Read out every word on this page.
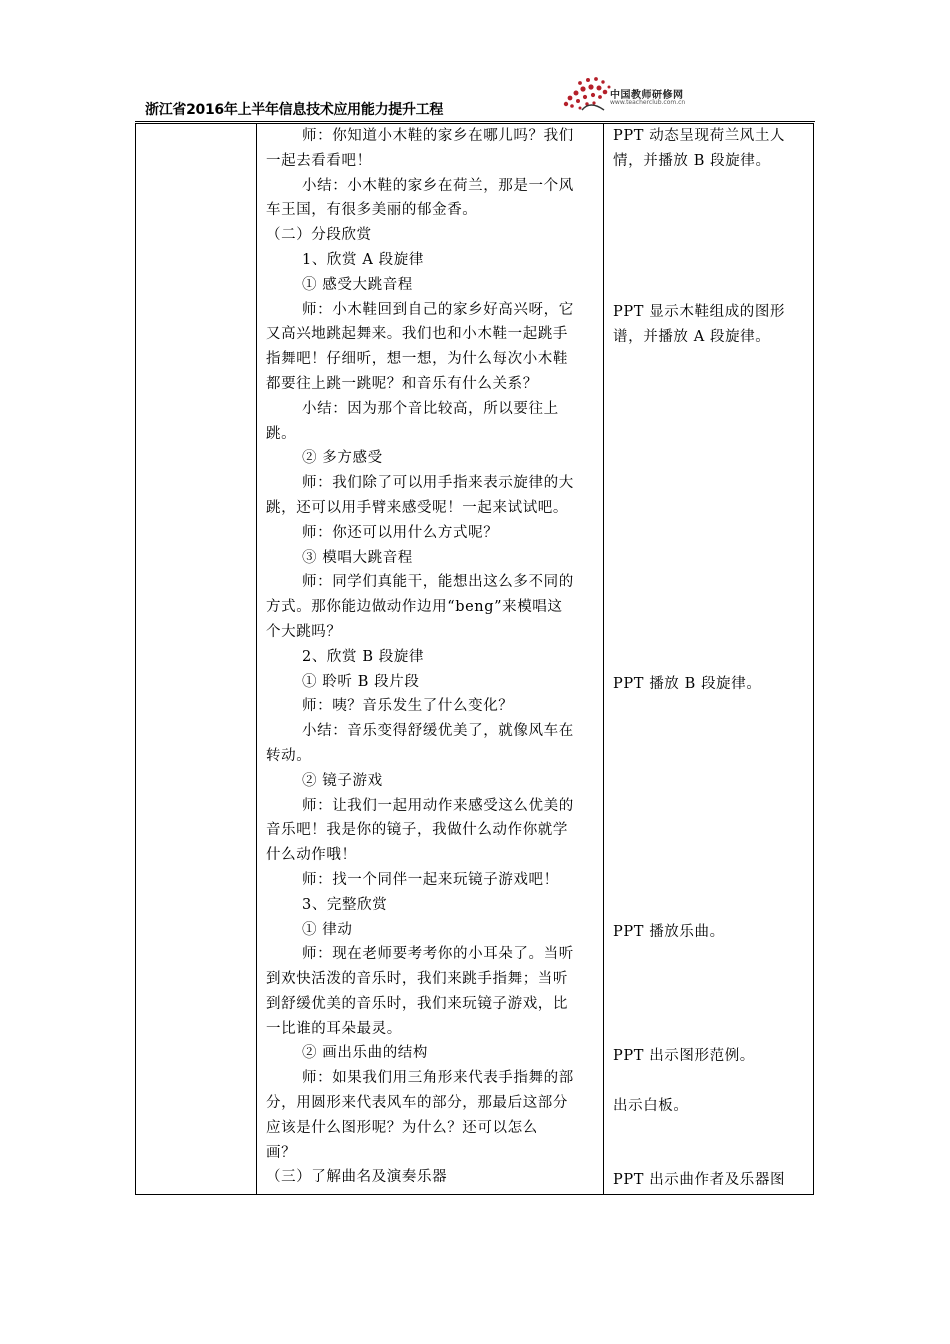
浙江省2016年上半年信息技术应用能力提升工程
中国教师研修网
www.teacherclub.com.cn
师：你知道小木鞋的家乡在哪儿吗？我们
一起去看看吧！
小结：小木鞋的家乡在荷兰，那是一个风
车王国，有很多美丽的郁金香。
（二）分段欣赏
1、欣赏 A 段旋律
① 感受大跳音程
师：小木鞋回到自己的家乡好高兴呀，它
又高兴地跳起舞来。我们也和小木鞋一起跳手
指舞吧！仔细听，想一想，为什么每次小木鞋
都要往上跳一跳呢？和音乐有什么关系？
小结：因为那个音比较高，所以要往上
跳。
② 多方感受
师：我们除了可以用手指来表示旋律的大
跳，还可以用手臂来感受呢！一起来试试吧。
师：你还可以用什么方式呢？
③ 模唱大跳音程
师：同学们真能干，能想出这么多不同的
方式。那你能边做动作边用“beng”来模唱这
个大跳吗？
2、欣赏 B 段旋律
① 聆听 B 段片段
师：咦？音乐发生了什么变化？
小结：音乐变得舒缓优美了，就像风车在
转动。
② 镜子游戏
师：让我们一起用动作来感受这么优美的
音乐吧！我是你的镜子，我做什么动作你就学
什么动作哦！
师：找一个同伴一起来玩镜子游戏吧！
3、完整欣赏
① 律动
师：现在老师要考考你的小耳朵了。当听
到欢快活泼的音乐时，我们来跳手指舞；当听
到舒缓优美的音乐时，我们来玩镜子游戏，比
一比谁的耳朵最灵。
② 画出乐曲的结构
师：如果我们用三角形来代表手指舞的部
分，用圆形来代表风车的部分，那最后这部分
应该是什么图形呢？为什么？还可以怎么
画？
（三）了解曲名及演奏乐器
PPT 动态呈现荷兰风土人
情，并播放 B 段旋律。
PPT 显示木鞋组成的图形
谱，并播放 A 段旋律。
PPT 播放 B 段旋律。
PPT 播放乐曲。
PPT 出示图形范例。
出示白板。
PPT 出示曲作者及乐器图
